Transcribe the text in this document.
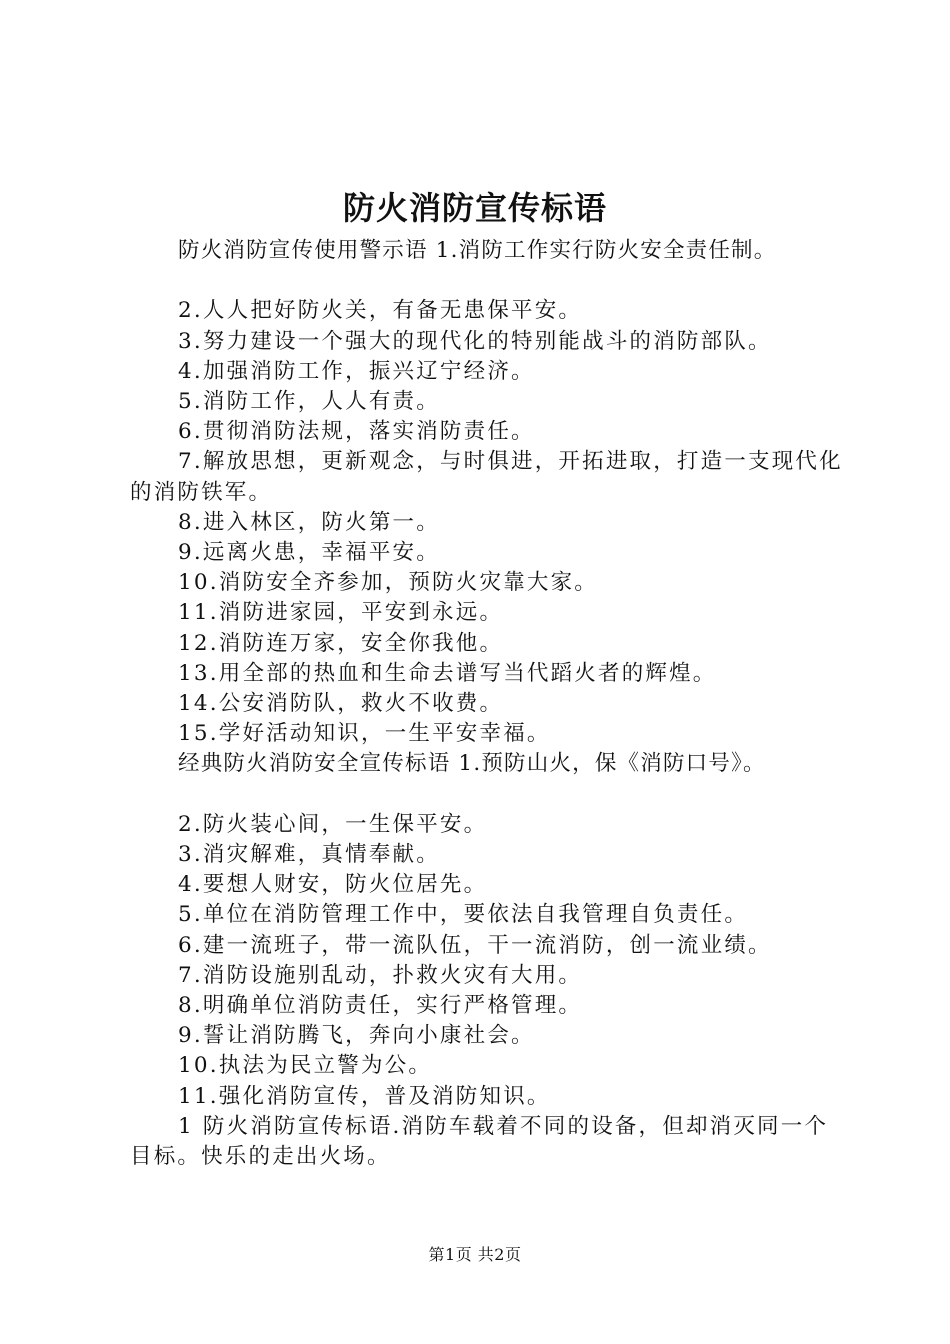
防火消防宣传标语

防火消防宣传使用警示语 1.消防工作实行防火安全责任制。

2.人人把好防火关，有备无患保平安。

3.努力建设一个强大的现代化的特别能战斗的消防部队。

4.加强消防工作，振兴辽宁经济。

5.消防工作，人人有责。

6.贯彻消防法规，落实消防责任。

7.解放思想，更新观念，与时俱进，开拓进取，打造一支现代化的消防铁军。

8.进入林区，防火第一。

9.远离火患，幸福平安。

10.消防安全齐参加，预防火灾靠大家。

11.消防进家园，平安到永远。

12.消防连万家，安全你我他。

13.用全部的热血和生命去谱写当代蹈火者的辉煌。

14.公安消防队，救火不收费。

15.学好活动知识，一生平安幸福。

经典防火消防安全宣传标语 1.预防山火，保《消防口号》。

2.防火装心间，一生保平安。

3.消灾解难，真情奉献。

4.要想人财安，防火位居先。

5.单位在消防管理工作中，要依法自我管理自负责任。

6.建一流班子，带一流队伍，干一流消防，创一流业绩。

7.消防设施别乱动，扑救火灾有大用。

8.明确单位消防责任，实行严格管理。

9.誓让消防腾飞，奔向小康社会。

10.执法为民立警为公。

11.强化消防宣传，普及消防知识。

1 防火消防宣传标语.消防车载着不同的设备，但却消灭同一个目标。快乐的走出火场。

第1页 共2页
